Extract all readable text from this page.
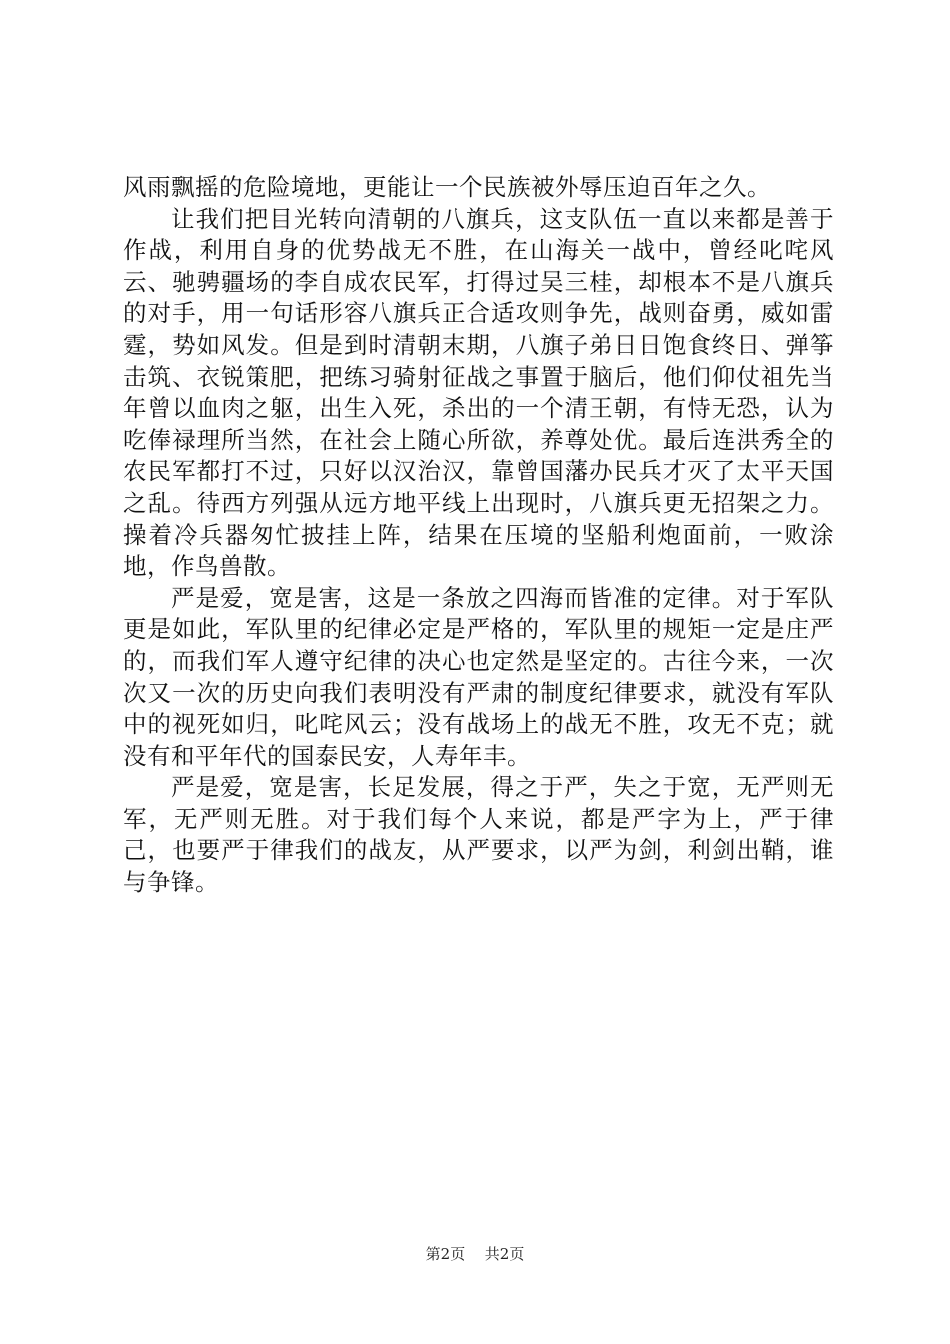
风雨飘摇的危险境地，更能让一个民族被外辱压迫百年之久。

让我们把目光转向清朝的八旗兵，这支队伍一直以来都是善于作战，利用自身的优势战无不胜，在山海关一战中，曾经叱咤风云、驰骋疆场的李自成农民军，打得过吴三桂，却根本不是八旗兵的对手，用一句话形容八旗兵正合适攻则争先，战则奋勇，威如雷霆，势如风发。但是到时清朝末期，八旗子弟日日饱食终日、弹筝击筑、衣锐策肥，把练习骑射征战之事置于脑后，他们仰仗祖先当年曾以血肉之躯，出生入死，杀出的一个清王朝，有恃无恐，认为吃俸禄理所当然，在社会上随心所欲，养尊处优。最后连洪秀全的农民军都打不过，只好以汉治汉，靠曾国藩办民兵才灭了太平天国之乱。待西方列强从远方地平线上出现时，八旗兵更无招架之力。操着冷兵器匆忙披挂上阵，结果在压境的坚船利炮面前，一败涂地，作鸟兽散。

严是爱，宽是害，这是一条放之四海而皆准的定律。对于军队更是如此，军队里的纪律必定是严格的，军队里的规矩一定是庄严的，而我们军人遵守纪律的决心也定然是坚定的。古往今来，一次次又一次的历史向我们表明没有严肃的制度纪律要求，就没有军队中的视死如归，叱咤风云；没有战场上的战无不胜，攻无不克；就没有和平年代的国泰民安，人寿年丰。

严是爱，宽是害，长足发展，得之于严，失之于宽，无严则无军，无严则无胜。对于我们每个人来说，都是严字为上，严于律己，也要严于律我们的战友，从严要求，以严为剑，利剑出鞘，谁与争锋。

第2页 共2页
